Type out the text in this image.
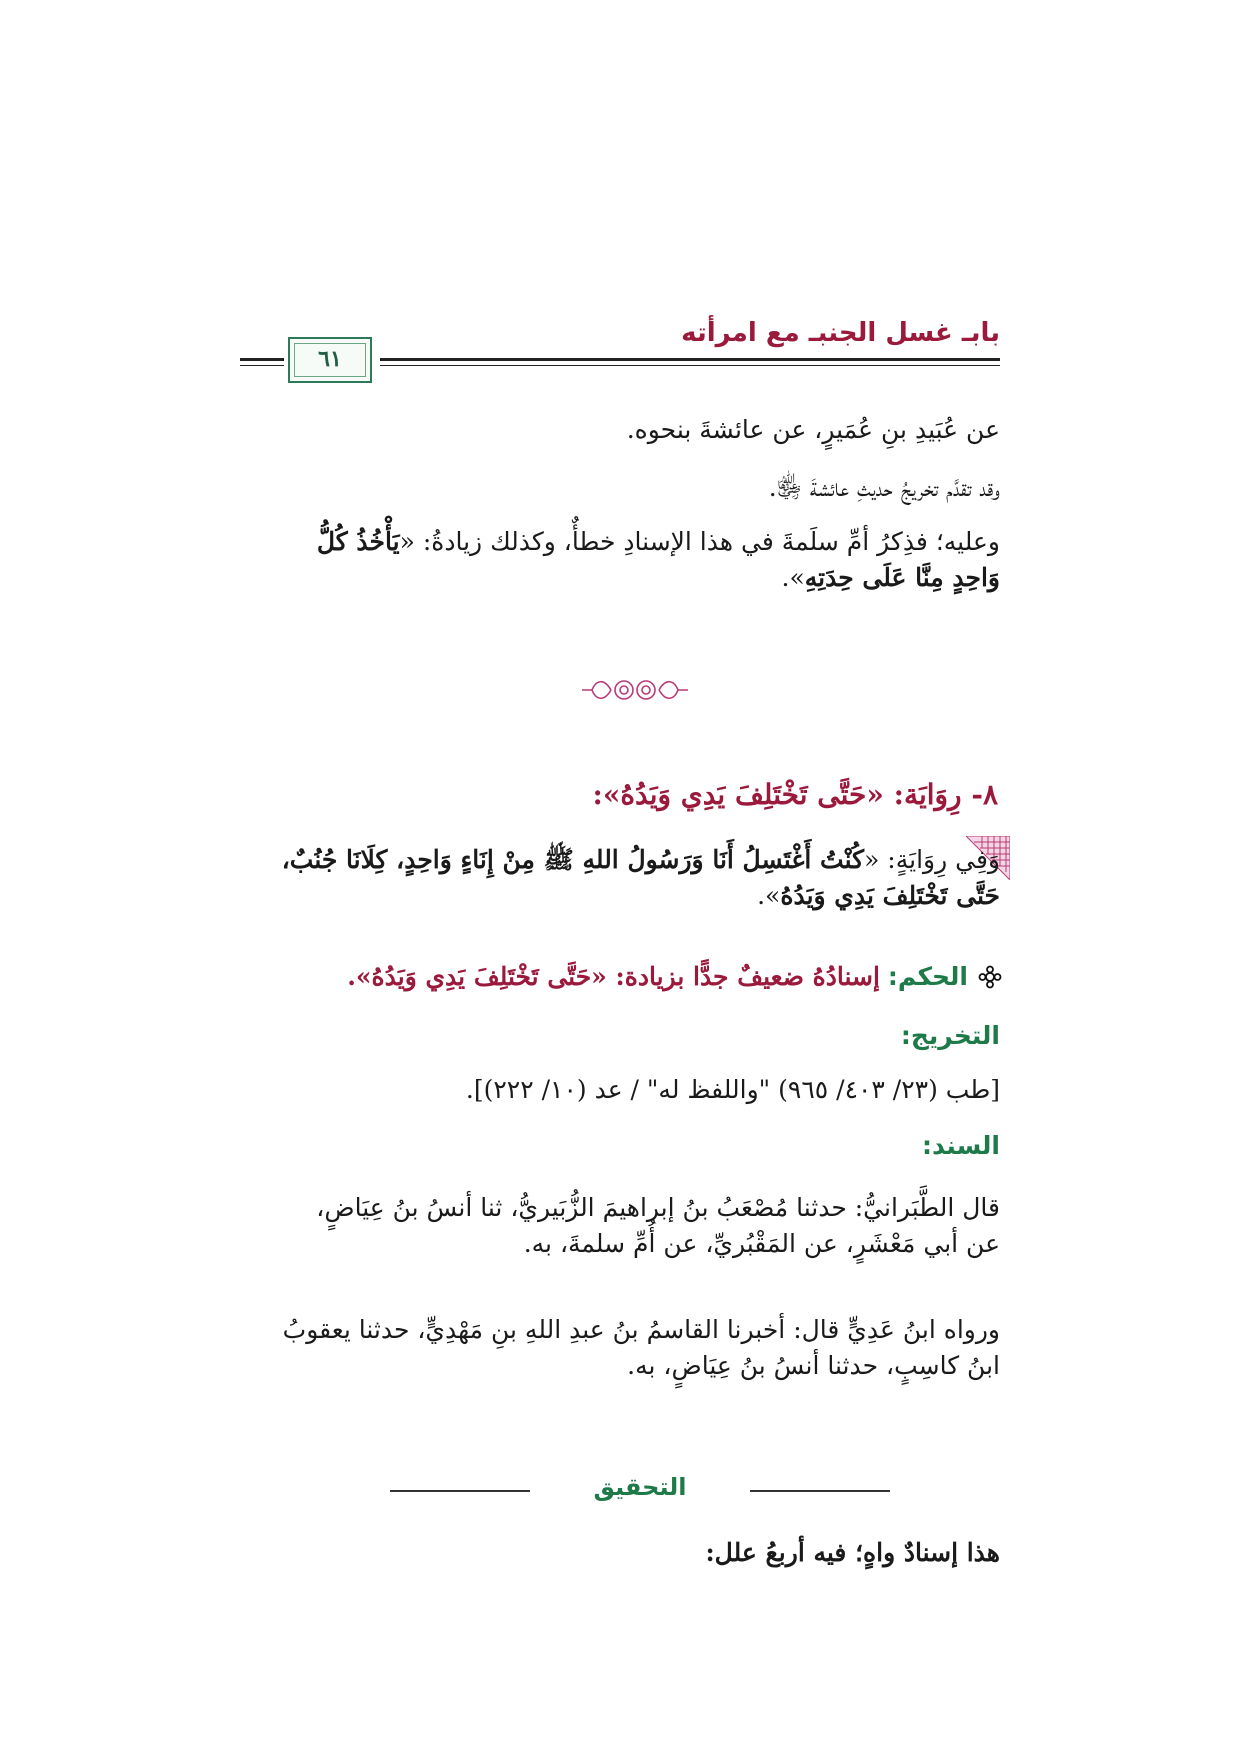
بابـ غسل الجنبـ مع امرأته
٦١
عن عُبَيدِ بنِ عُمَيرٍ، عن عائشةَ بنحوه.
وقد تقدَّم تخريجُ حديثِ عائشةَ ﵂.
وعليه؛ فذِكرُ أمِّ سلَمةَ في هذا الإسنادِ خطأٌ، وكذلك زيادةُ: «يَأْخُذُ كُلُّ
وَاحِدٍ مِنَّا عَلَى حِدَتِهِ».
٨- رِوَايَة: «حَتَّى تَخْتَلِفَ يَدِي وَيَدُهُ»:
وَفِي رِوَايَةٍ: «كُنْتُ أَغْتَسِلُ أَنَا وَرَسُولُ اللهِ ﷺ مِنْ إِنَاءٍ وَاحِدٍ، كِلَانَا جُنُبٌ،
حَتَّى تَخْتَلِفَ يَدِي وَيَدُهُ».
الحكم: إسنادُهُ ضعيفٌ جدًّا بزيادة: «حَتَّى تَخْتَلِفَ يَدِي وَيَدُهُ».
التخريج:
[طب (٢٣/ ٤٠٣/ ٩٦٥) "واللفظ له" / عد (١٠/ ٢٢٢)].
السند:
قال الطَّبَرانيُّ: حدثنا مُصْعَبُ بنُ إبراهيمَ الزُّبَيريُّ، ثنا أنسُ بنُ عِيَاضٍ،
عن أبي مَعْشَرٍ، عن المَقْبُريِّ، عن أُمِّ سلمةَ، به.
ورواه ابنُ عَدِيٍّ قال: أخبرنا القاسمُ بنُ عبدِ اللهِ بنِ مَهْدِيٍّ، حدثنا يعقوبُ
ابنُ كاسِبٍ، حدثنا أنسُ بنُ عِيَاضٍ، به.
التحقيق
هذا إسنادٌ واهٍ؛ فيه أربعُ علل:
